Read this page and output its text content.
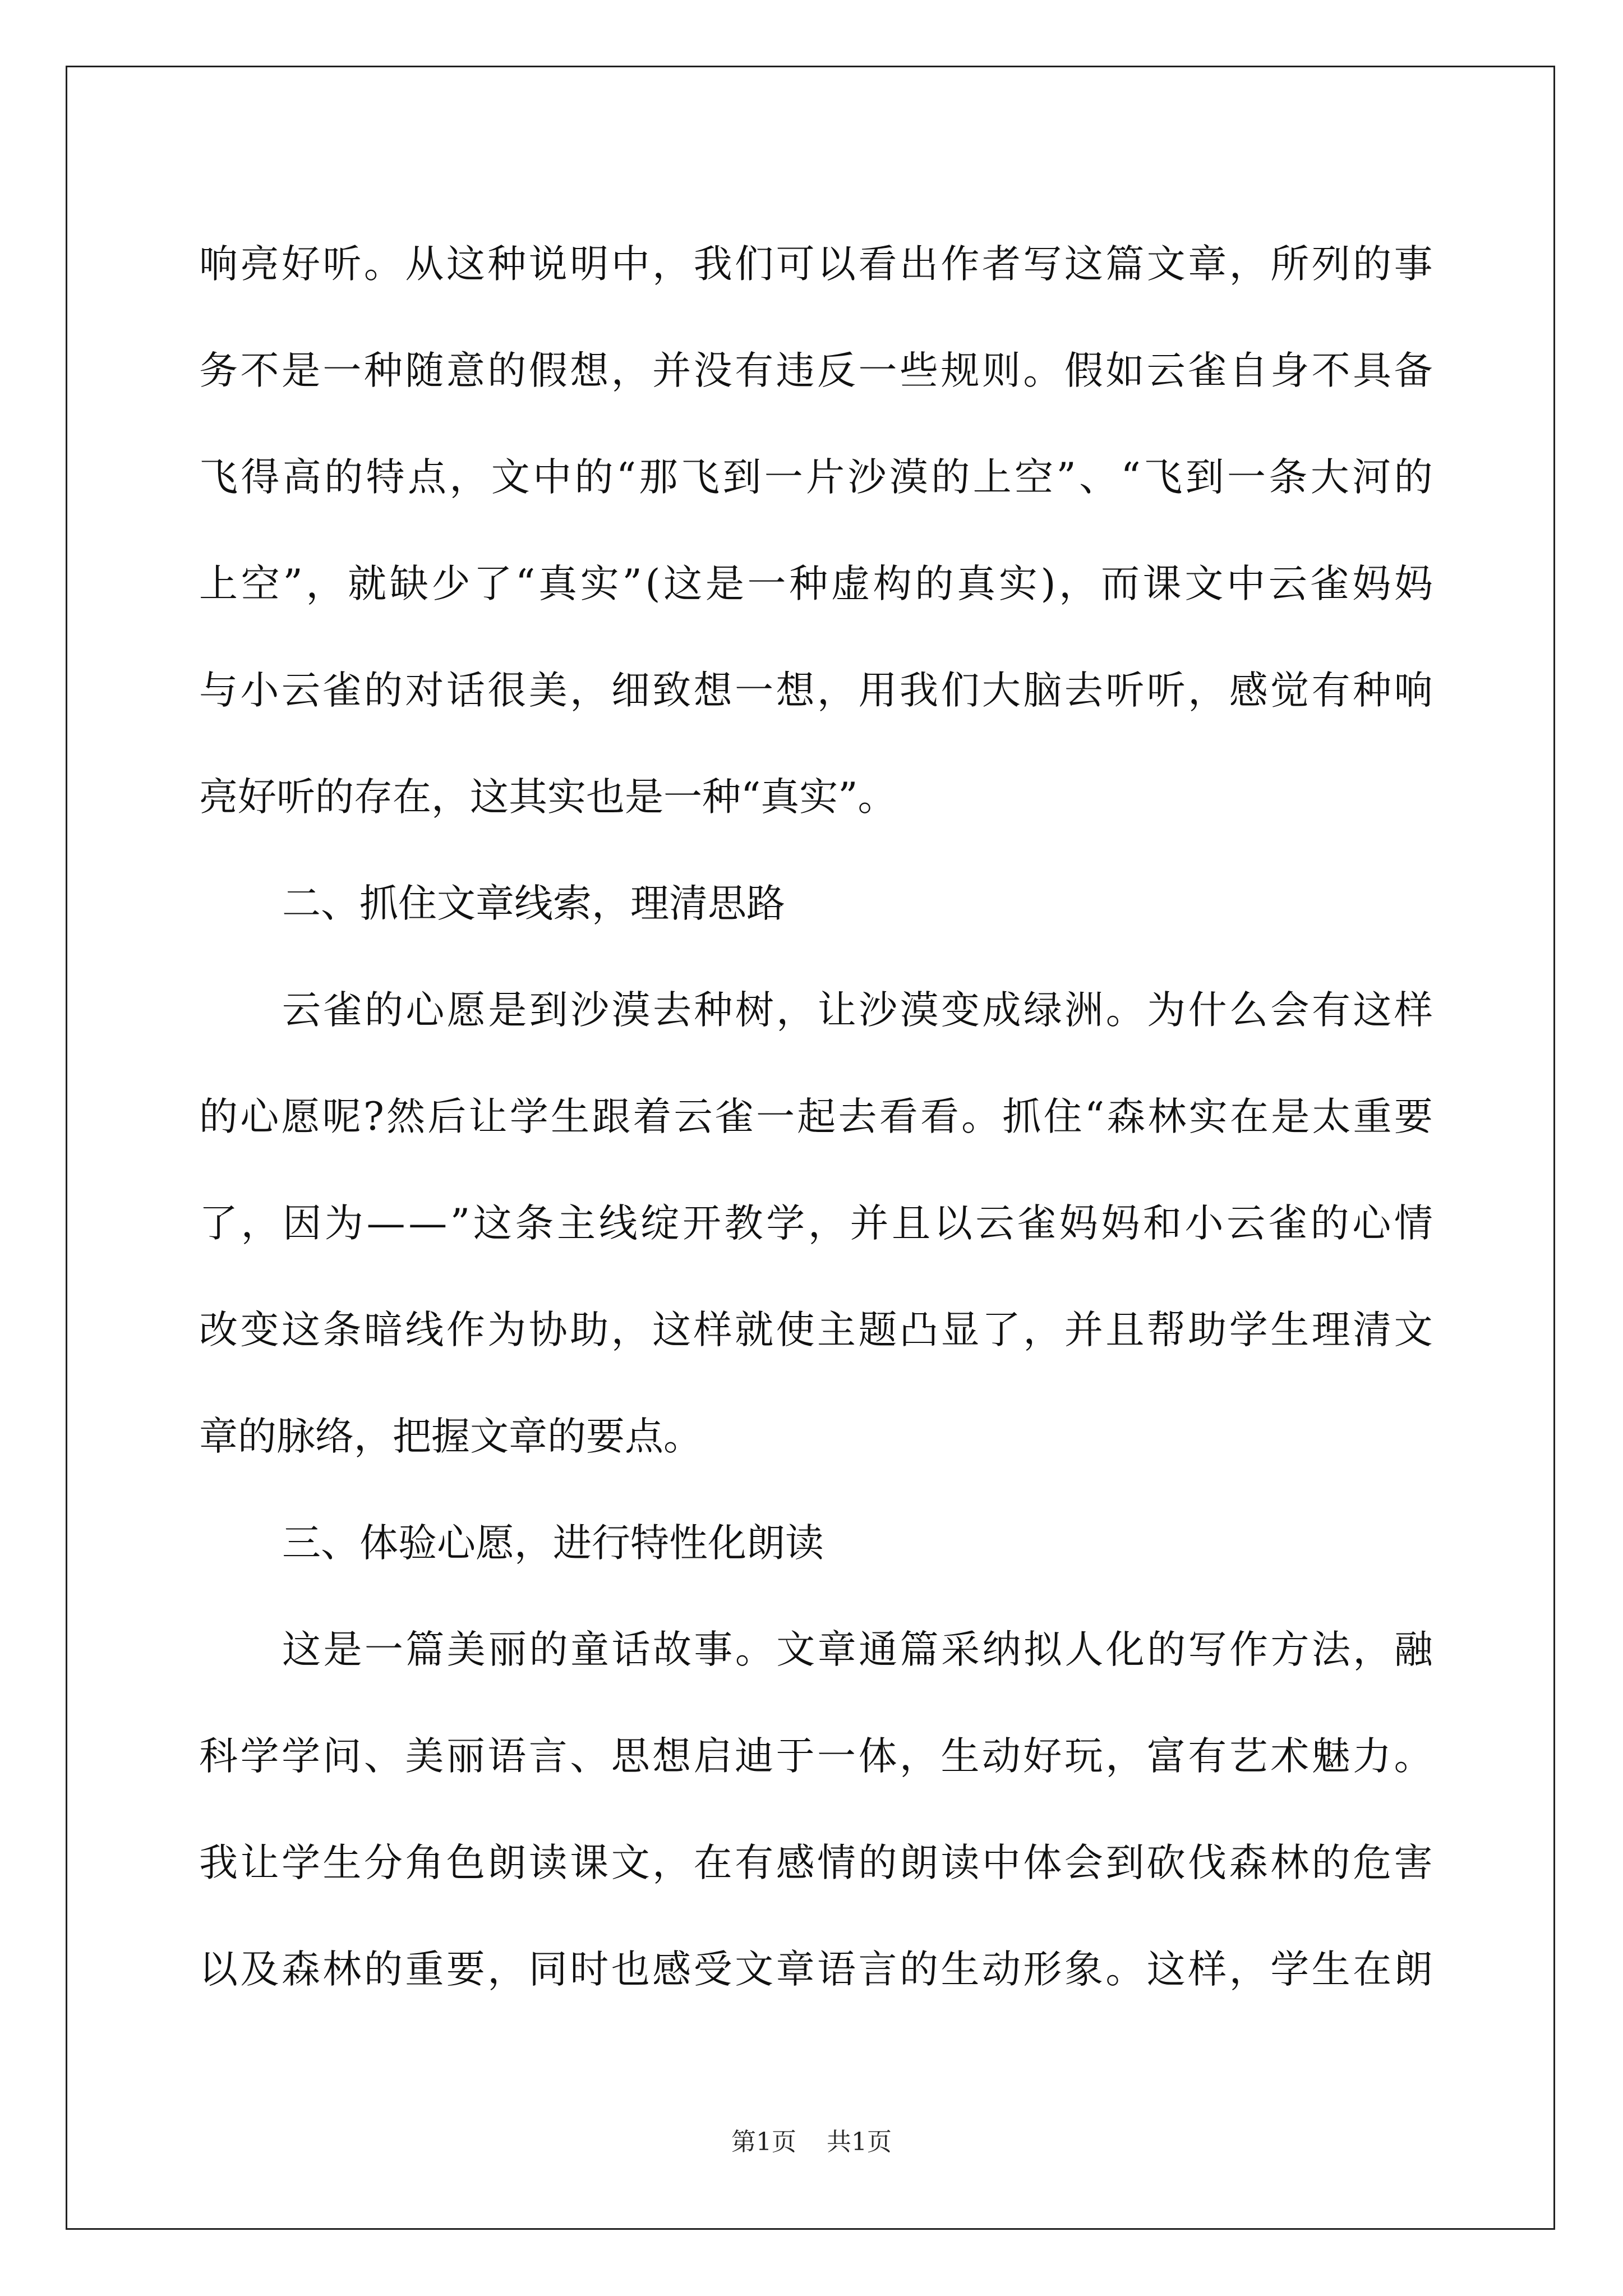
响 亮 好 听 。 从 这 种 说 明 中 ， 我 们 可 以 看 出 作 者 写 这 篇 文 章 ， 所 列 的 事
务 不 是 一 种 随 意 的 假 想 ， 并 没 有 违 反 一 些 规 则 。 假 如 云 雀 自 身 不 具 备
飞 得 高 的 特 点 ， 文 中 的 “ 那 飞 到 一 片 沙 漠 的 上 空 ” 、 “ 飞 到 一 条 大 河 的
上 空 ” ， 就 缺 少 了 “ 真 实 ” ( 这 是 一 种 虚 构 的 真 实 ) ， 而 课 文 中 云 雀 妈 妈
与 小 云 雀 的 对 话 很 美 ， 细 致 想 一 想 ， 用 我 们 大 脑 去 听 听 ， 感 觉 有 种 响
亮好听的存在，这其实也是一种“真实”。
二、抓住文章线索，理清思路
云 雀 的 心 愿 是 到 沙 漠 去 种 树 ， 让 沙 漠 变 成 绿 洲 。 为 什 么 会 有 这 样
的 心 愿 呢 ? 然 后 让 学 生 跟 着 云 雀 一 起 去 看 看 。 抓 住 “ 森 林 实 在 是 太 重 要
了 ， 因 为 — — ” 这 条 主 线 绽 开 教 学 ， 并 且 以 云 雀 妈 妈 和 小 云 雀 的 心 情
改 变 这 条 暗 线 作 为 协 助 ， 这 样 就 使 主 题 凸 显 了 ， 并 且 帮 助 学 生 理 清 文
章的脉络，把握文章的要点。
三、体验心愿，进行特性化朗读
这 是 一 篇 美 丽 的 童 话 故 事 。 文 章 通 篇 采 纳 拟 人 化 的 写 作 方 法 ， 融
科 学 学 问 、 美 丽 语 言 、 思 想 启 迪 于 一 体 ， 生 动 好 玩 ， 富 有 艺 术 魅 力 。
我 让 学 生 分 角 色 朗 读 课 文 ， 在 有 感 情 的 朗 读 中 体 会 到 砍 伐 森 林 的 危 害
以 及 森 林 的 重 要 ， 同 时 也 感 受 文 章 语 言 的 生 动 形 象 。 这 样 ， 学 生 在 朗
第1页 共1页
